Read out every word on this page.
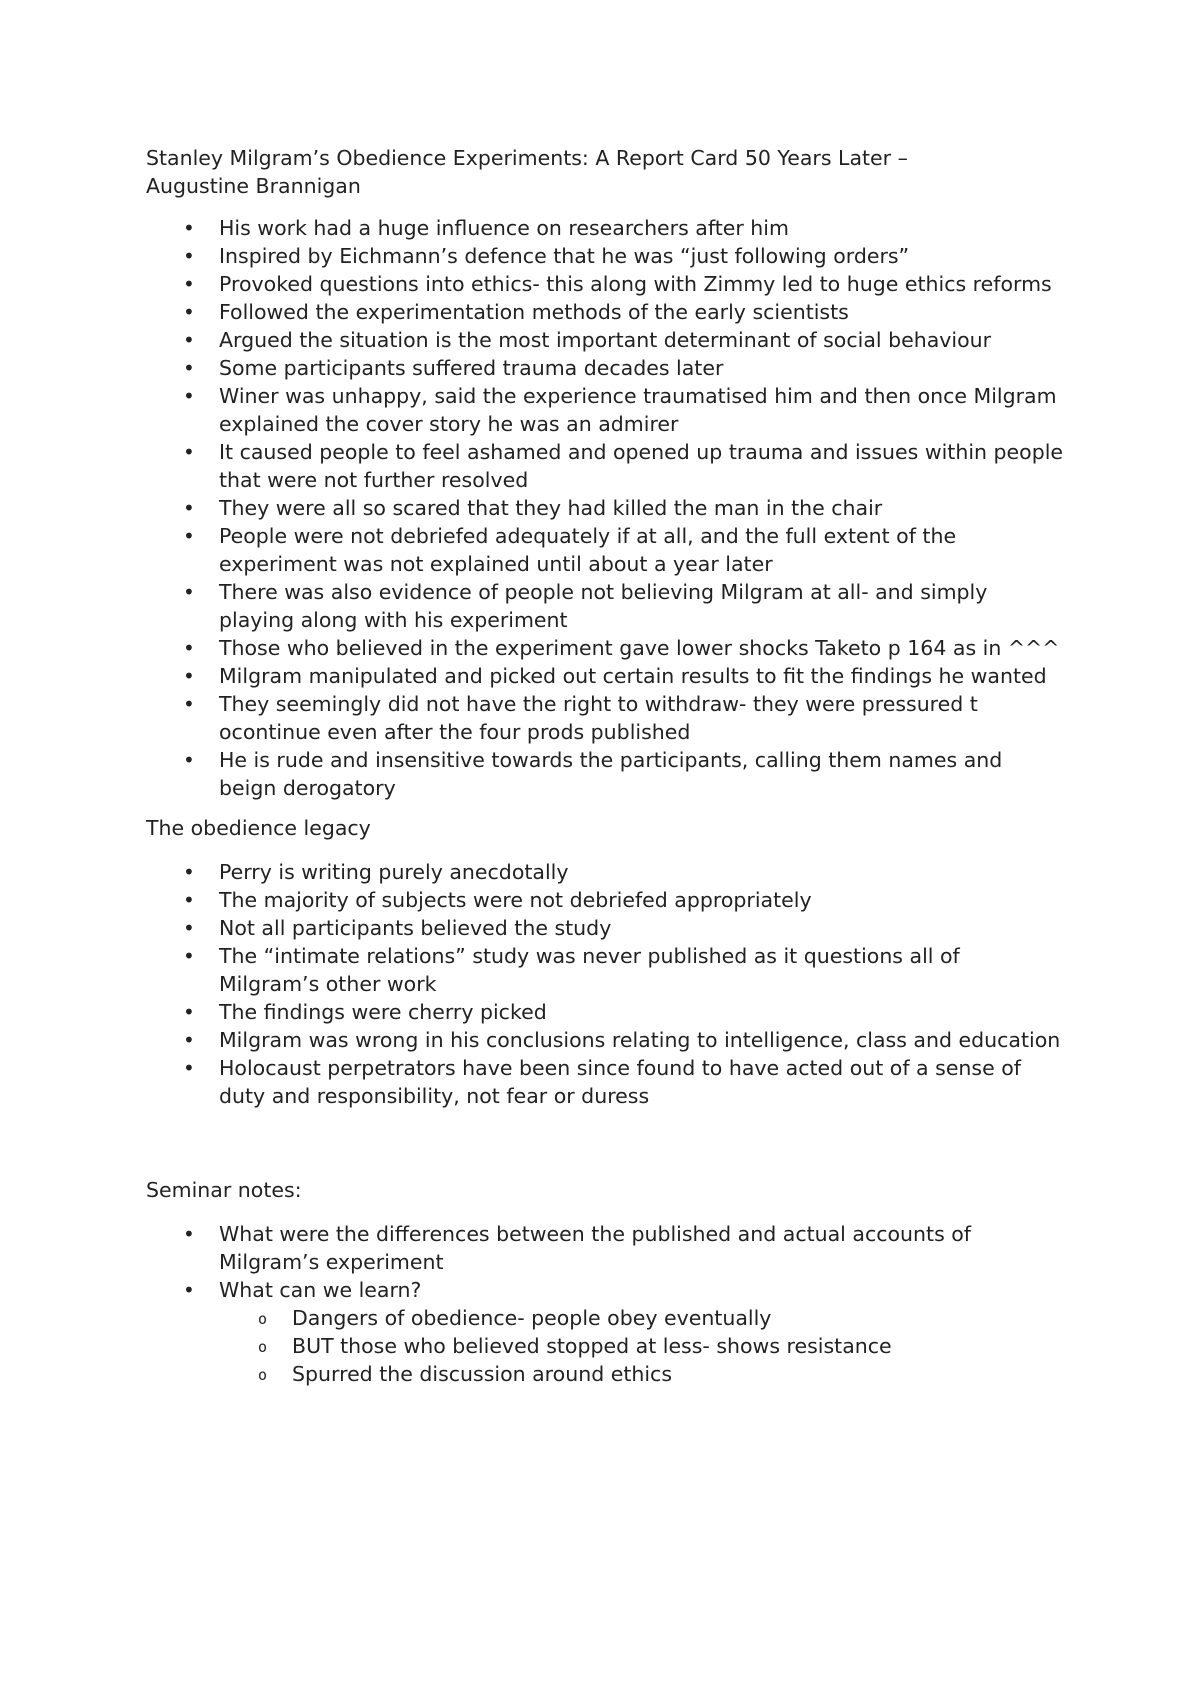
Stanley Milgram’s Obedience Experiments: A Report Card 50 Years Later –

Augustine Brannigan

• His work had a huge influence on researchers after him
• Inspired by Eichmann’s defence that he was “just following orders”
• Provoked questions into ethics- this along with Zimmy led to huge ethics reforms
• Followed the experimentation methods of the early scientists
• Argued the situation is the most important determinant of social behaviour
• Some participants suffered trauma decades later
• Winer was unhappy, said the experience traumatised him and then once Milgram explained the cover story he was an admirer
• It caused people to feel ashamed and opened up trauma and issues within people that were not further resolved
• They were all so scared that they had killed the man in the chair
• People were not debriefed adequately if at all, and the full extent of the experiment was not explained until about a year later
• There was also evidence of people not believing Milgram at all- and simply playing along with his experiment
• Those who believed in the experiment gave lower shocks Taketo p 164 as in ^^^
• Milgram manipulated and picked out certain results to fit the findings he wanted
• They seemingly did not have the right to withdraw- they were pressured t ocontinue even after the four prods published
• He is rude and insensitive towards the participants, calling them names and beign derogatory

The obedience legacy

• Perry is writing purely anecdotally
• The majority of subjects were not debriefed appropriately
• Not all participants believed the study
• The “intimate relations” study was never published as it questions all of Milgram’s other work
• The findings were cherry picked
• Milgram was wrong in his conclusions relating to intelligence, class and education
• Holocaust perpetrators have been since found to have acted out of a sense of duty and responsibility, not fear or duress

Seminar notes:

• What were the differences between the published and actual accounts of Milgram’s experiment
• What can we learn?
o Dangers of obedience- people obey eventually
o BUT those who believed stopped at less- shows resistance
o Spurred the discussion around ethics
